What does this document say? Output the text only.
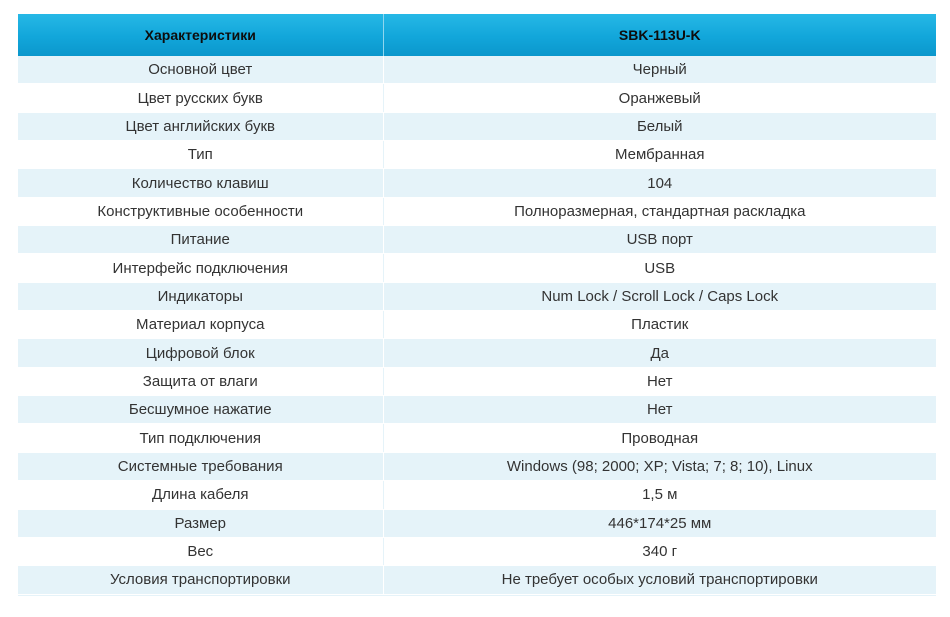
Характеристики	SBK-113U-K
Основной цвет	Черный
Цвет русских букв	Оранжевый
Цвет английских букв	Белый
Тип	Мембранная
Количество клавиш	104
Конструктивные особенности	Полноразмерная, стандартная раскладка
Питание	USB порт
Интерфейс подключения	USB
Индикаторы	Num Lock / Scroll Lock / Caps Lock
Материал корпуса	Пластик
Цифровой блок	Да
Защита от влаги	Нет
Бесшумное нажатие	Нет
Тип подключения	Проводная
Системные требования	Windows (98; 2000; XP; Vista; 7; 8; 10), Linux
Длина кабеля	1,5 м
Размер	446*174*25 мм
Вес	340 г
Условия транспортировки	Не требует особых условий транспортировки
